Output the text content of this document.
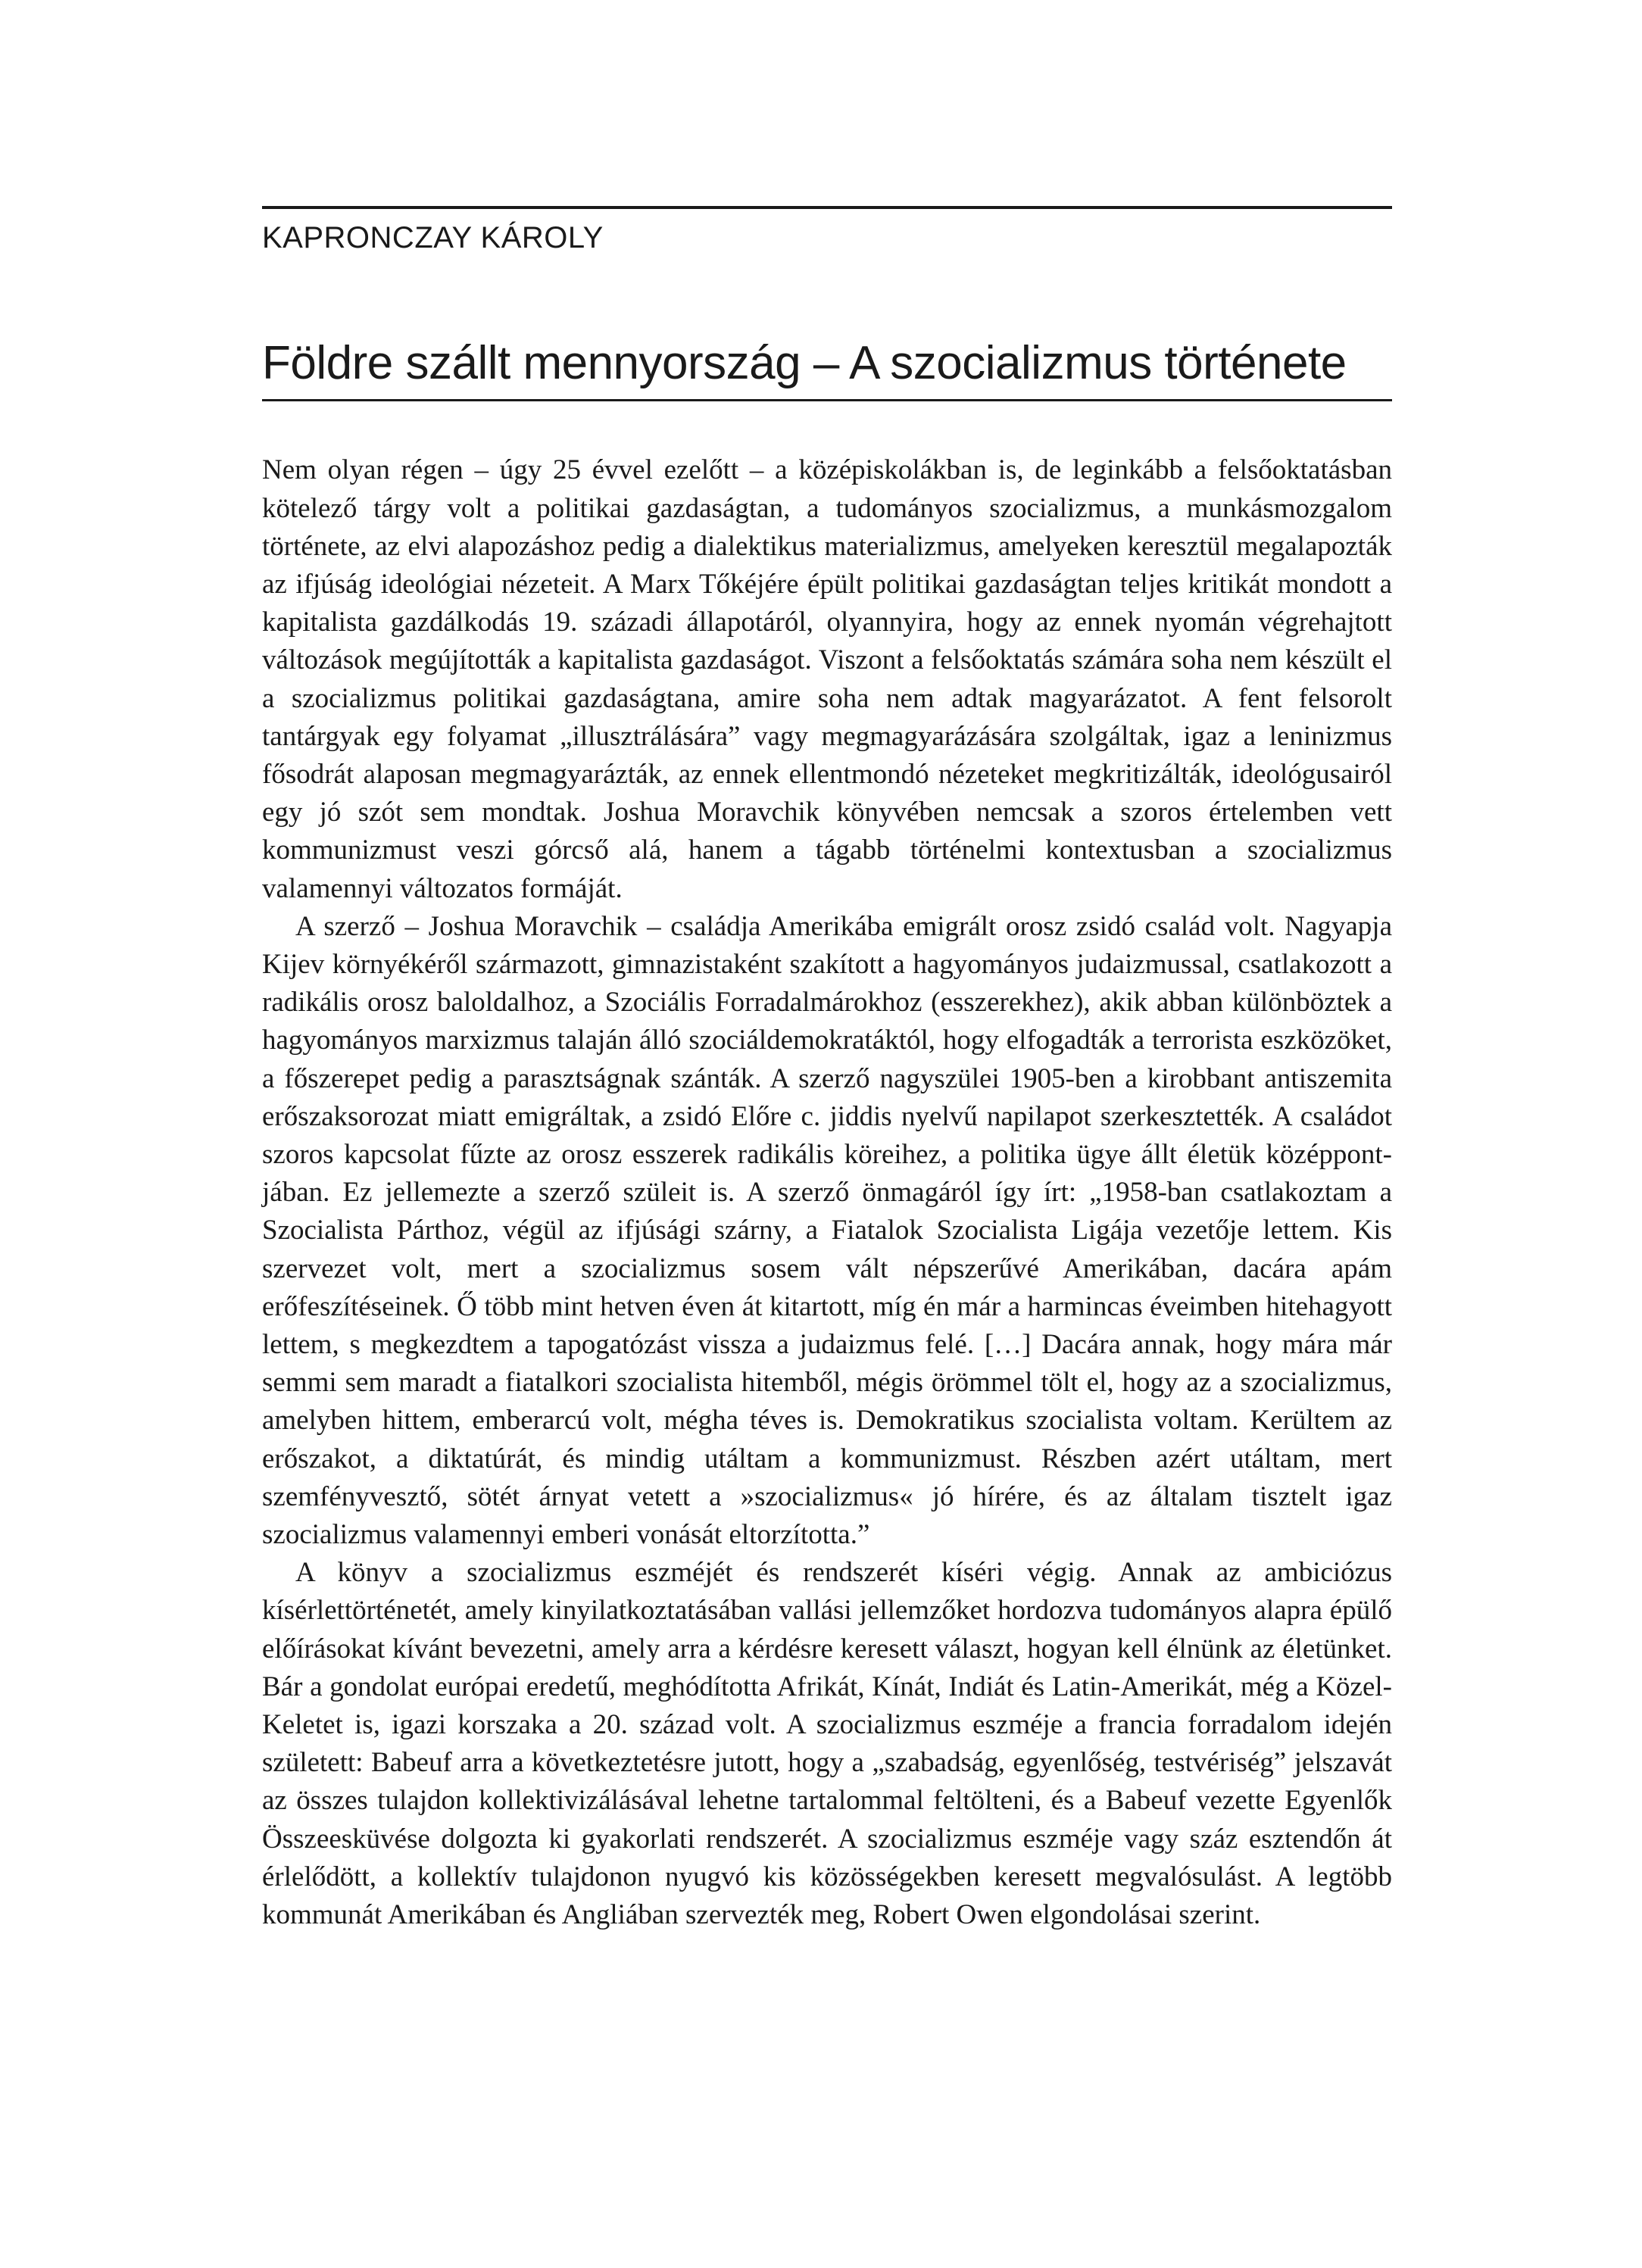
KAPRONCZAY KÁROLY
Földre szállt mennyország – A szocializmus története

Nem olyan régen – úgy 25 évvel ezelőtt – a középiskolákban is, de leginkább a felsőoktatásban kötelező tárgy volt a politikai gazdaságtan, a tudományos szocializmus, a munkásmozgalom története, az elvi alapozáshoz pedig a dialektikus materializmus, amelyeken keresztül megalapozták az ifjúság ideológiai nézeteit. A Marx Tőkéjére épült politikai gazdaságtan teljes kritikát mondott a kapitalista gazdálkodás 19. századi állapotáról, olyannyira, hogy az ennek nyomán végrehajtott változások megújították a kapitalista gazdaságot. Viszont a felsőoktatás számára soha nem készült el a szocializmus politikai gazdaságtana, amire soha nem adtak magyarázatot. A fent felsorolt tantárgyak egy folyamat „illusztrálására” vagy megmagyarázására szolgáltak, igaz a leninizmus fősodrát alaposan megmagyarázták, az ennek ellentmondó nézeteket megkritizálták, ideológusairól egy jó szót sem mondtak. Joshua Moravchik könyvében nemcsak a szoros értelemben vett kommunizmust veszi górcső alá, hanem a tágabb történelmi kontextusban a szocializmus valamennyi változatos formáját.

A szerző – Joshua Moravchik – családja Amerikába emigrált orosz zsidó család volt. Nagyapja Kijev környékéről származott, gimnazistaként szakított a hagyományos judaizmussal, csatlakozott a radikális orosz baloldalhoz, a Szociális Forradalmárokhoz (esszerekhez), akik abban különböztek a hagyományos marxizmus talaján álló szociáldemokratáktól, hogy elfogadták a terrorista eszközöket, a főszerepet pedig a parasztságnak szánták. A szerző nagyszülei 1905-ben a kirobbant antiszemita erőszaksorozat miatt emigráltak, a zsidó Előre c. jiddis nyelvű napilapot szerkesztették. A családot szoros kapcsolat fűzte az orosz esszerek radikális köreihez, a politika ügye állt életük középpontjában. Ez jellemezte a szerző szüleit is. A szerző önmagáról így írt: „1958-ban csatlakoztam a Szocialista Párthoz, végül az ifjúsági szárny, a Fiatalok Szocialista Ligája vezetője lettem. Kis szervezet volt, mert a szocializmus sosem vált népszerűvé Amerikában, dacára apám erőfeszítéseinek. Ő több mint hetven éven át kitartott, míg én már a harmincas éveimben hitehagyott lettem, s megkezdtem a tapogatózást vissza a judaizmus felé. […] Dacára annak, hogy mára már semmi sem maradt a fiatalkori szocialista hitemből, mégis örömmel tölt el, hogy az a szocializmus, amelyben hittem, emberarcú volt, mégha téves is. Demokratikus szocialista voltam. Kerültem az erőszakot, a diktatúrát, és mindig utáltam a kommunizmust. Részben azért utáltam, mert szemfényvesztő, sötét árnyat vetett a »szocializmus« jó hírére, és az általam tisztelt igaz szocializmus valamennyi emberi vonását eltorzította.”

A könyv a szocializmus eszméjét és rendszerét kíséri végig. Annak az ambiciózus kísérlettörténetét, amely kinyilatkoztatásában vallási jellemzőket hordozva tudományos alapra épülő előírásokat kívánt bevezetni, amely arra a kérdésre keresett választ, hogyan kell élnünk az életünket. Bár a gondolat európai eredetű, meghódította Afrikát, Kínát, Indiát és Latin-Amerikát, még a Közel-Keletet is, igazi korszaka a 20. század volt. A szocializmus eszméje a francia forradalom idején született: Babeuf arra a következtetésre jutott, hogy a „szabadság, egyenlőség, testvériség” jelszavát az összes tulajdon kollektivizálásával lehetne tartalommal feltölteni, és a Babeuf vezette Egyenlők Összeesküvése dolgozta ki gyakorlati rendszerét. A szocializmus eszméje vagy száz esztendőn át érlelődött, a kollektív tulajdonon nyugvó kis közösségekben keresett megvalósulást. A legtöbb kommunát Amerikában és Angliában szervezték meg, Robert Owen elgondolásai szerint.
